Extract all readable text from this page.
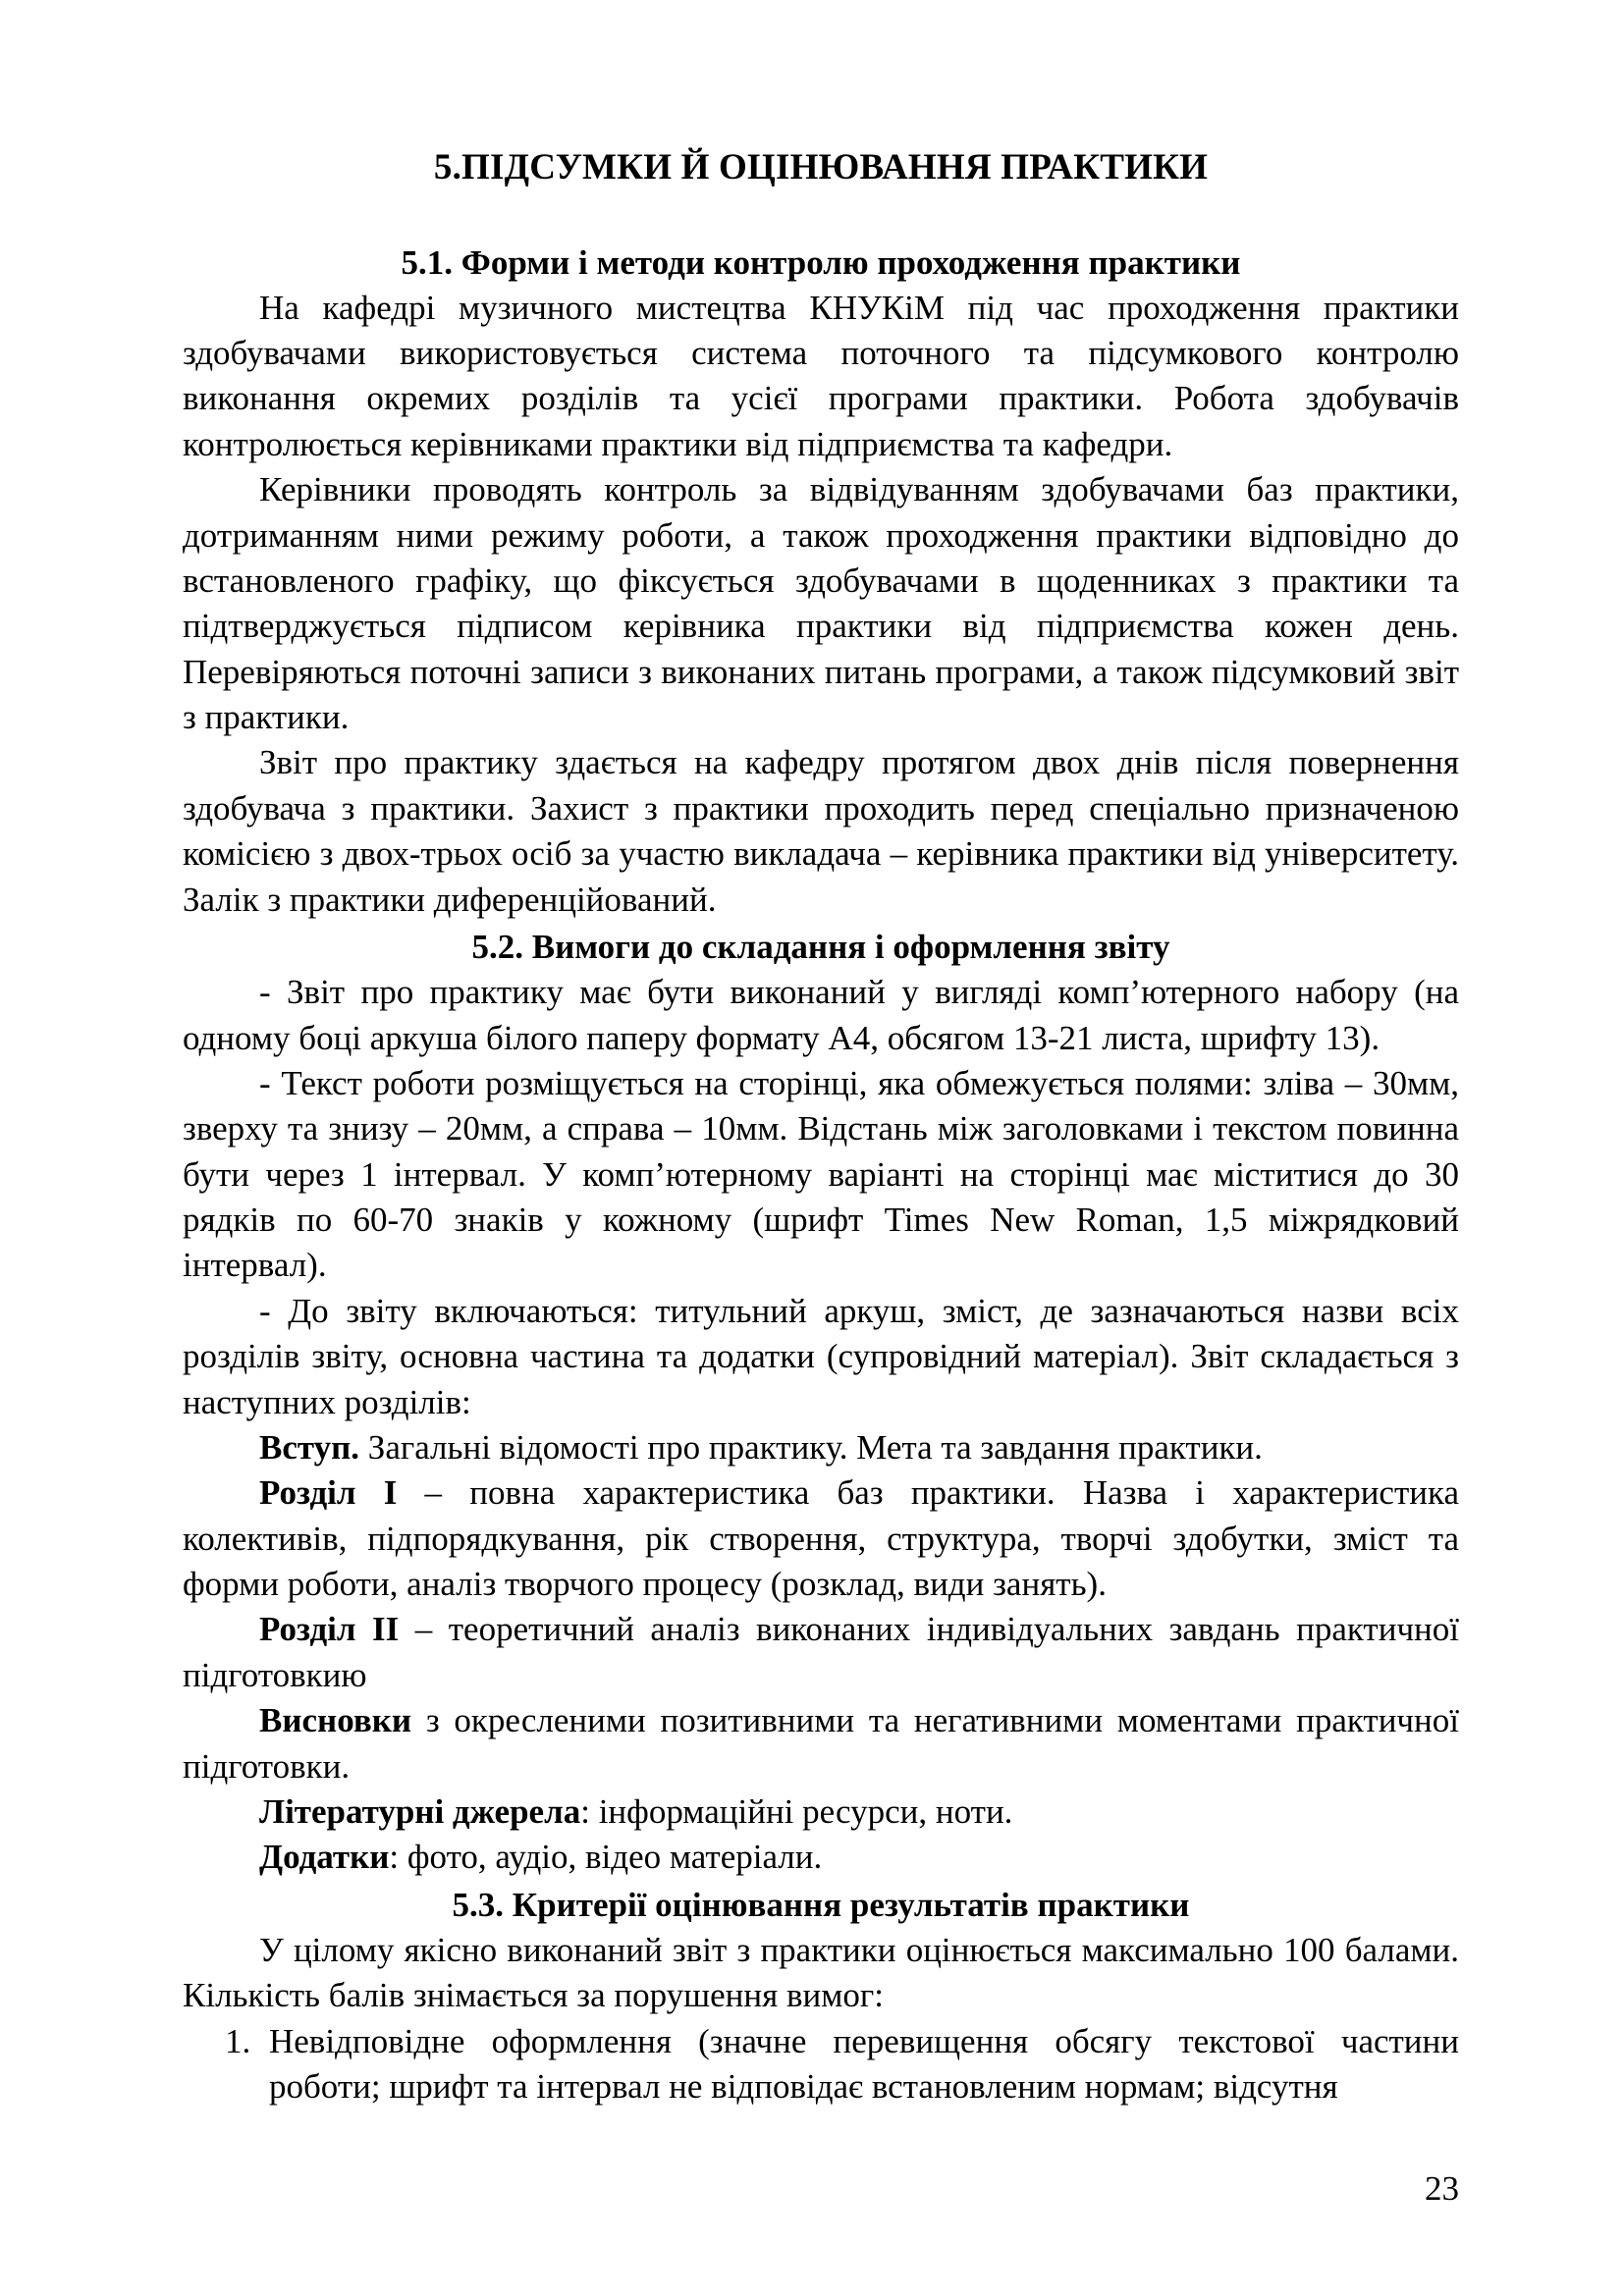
5.ПІДСУМКИ Й ОЦІНЮВАННЯ ПРАКТИКИ
5.1. Форми і методи контролю проходження практики

На кафедрі музичного мистецтва КНУКіМ під час проходження практики здобувачами використовується система поточного та підсумкового контролю виконання окремих розділів та усієї програми практики. Робота здобувачів контролюється керівниками практики від підприємства та кафедри.

Керівники проводять контроль за відвідуванням здобувачами баз практики, дотриманням ними режиму роботи, а також проходження практики відповідно до встановленого графіку, що фіксується здобувачами в щоденниках з практики та підтверджується підписом керівника практики від підприємства кожен день. Перевіряються поточні записи з виконаних питань програми, а також підсумковий звіт з практики.

Звіт про практику здається на кафедру протягом двох днів після повернення здобувача з практики. Захист з практики проходить перед спеціально призначеною комісією з двох-трьох осіб за участю викладача – керівника практики від університету. Залік з практики диференційований.

5.2. Вимоги до складання і оформлення звіту

- Звіт про практику має бути виконаний у вигляді комп’ютерного набору (на одному боці аркуша білого паперу формату А4, обсягом 13-21 листа, шрифту 13).

- Текст роботи розміщується на сторінці, яка обмежується полями: зліва – 30мм, зверху та знизу – 20мм, а справа – 10мм. Відстань між заголовками і текстом повинна бути через 1 інтервал. У комп’ютерному варіанті на сторінці має міститися до 30 рядків по 60-70 знаків у кожному (шрифт Times New Roman, 1,5 міжрядковий інтервал).

- До звіту включаються: титульний аркуш, зміст, де зазначаються назви всіх розділів звіту, основна частина та додатки (супровідний матеріал). Звіт складається з наступних розділів:

Вступ. Загальні відомості про практику. Мета та завдання практики.

Розділ І – повна характеристика баз практики. Назва і характеристика колективів, підпорядкування, рік створення, структура, творчі здобутки, зміст та форми роботи, аналіз творчого процесу (розклад, види занять).

Розділ ІІ – теоретичний аналіз виконаних індивідуальних завдань практичної підготовкию

Висновки з окресленими позитивними та негативними моментами практичної підготовки.

Літературні джерела: інформаційні ресурси, ноти.

Додатки: фото, аудіо, відео матеріали.

5.3. Критерії оцінювання результатів практики

У цілому якісно виконаний звіт з практики оцінюється максимально 100 балами. Кількість балів знімається за порушення вимог:

1. Невідповідне оформлення (значне перевищення обсягу текстової частини роботи; шрифт та інтервал не відповідає встановленим нормам; відсутня
23
